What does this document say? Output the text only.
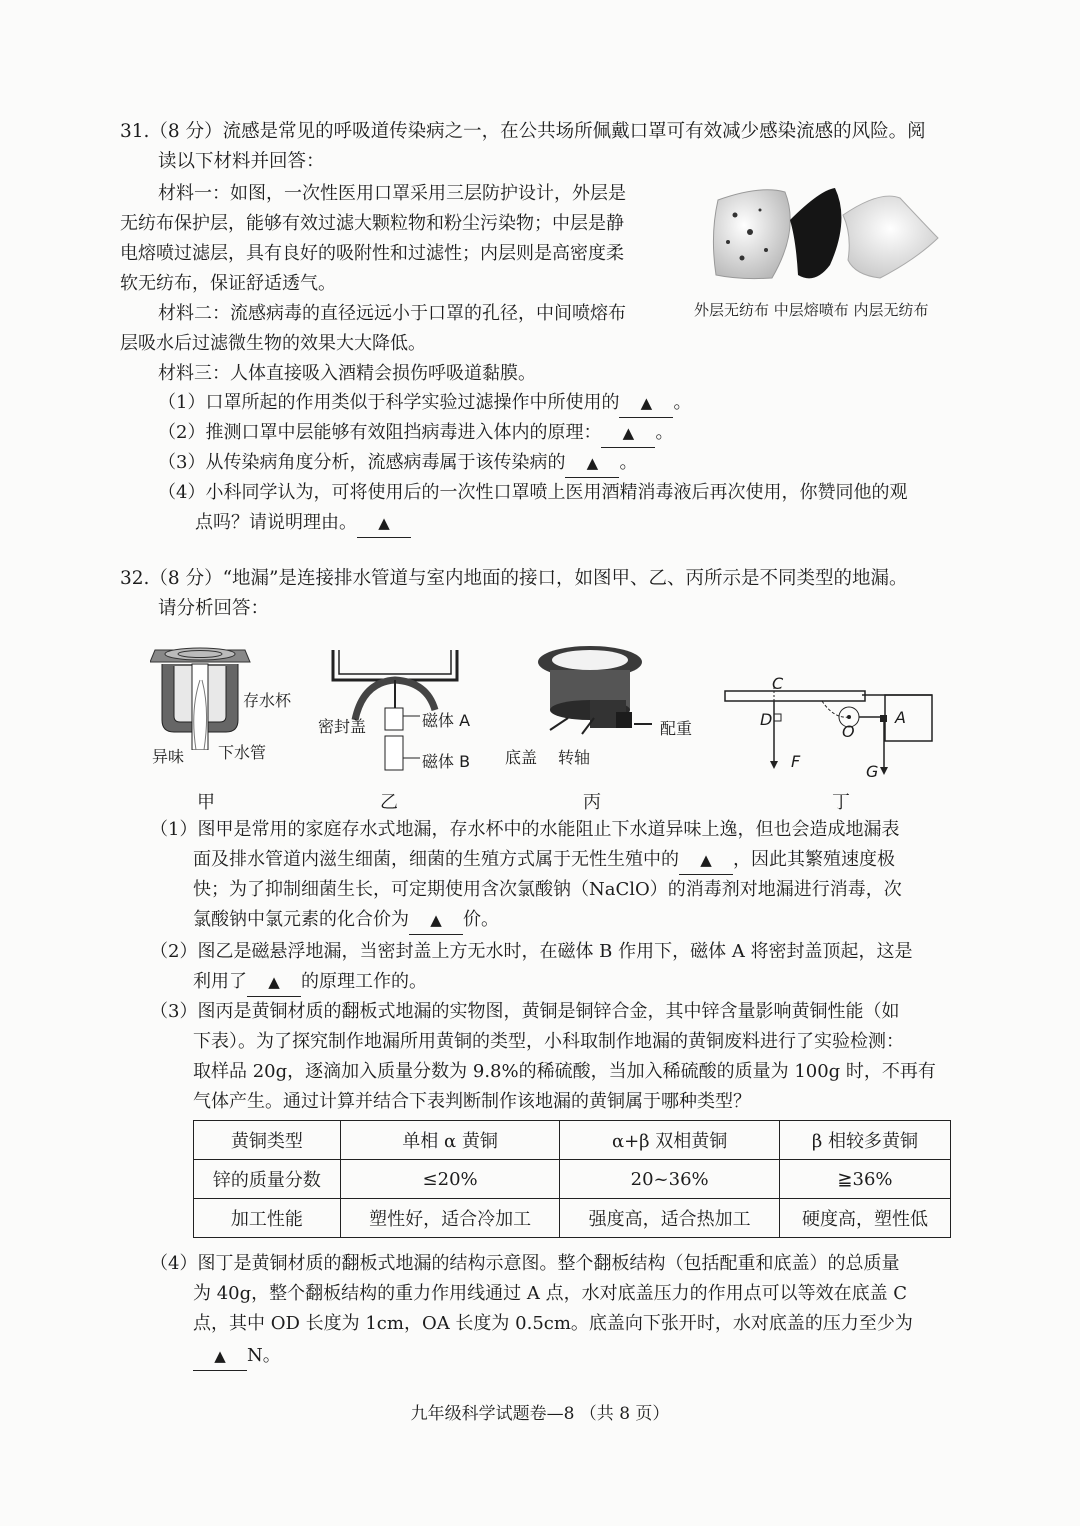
31.（8 分）流感是常见的呼吸道传染病之一，在公共场所佩戴口罩可有效减少感染流感的风险。阅
读以下材料并回答：
材料一：如图，一次性医用口罩采用三层防护设计，外层是
无纺布保护层，能够有效过滤大颗粒物和粉尘污染物；中层是静
电熔喷过滤层，具有良好的吸附性和过滤性；内层则是高密度柔
软无纺布，保证舒适透气。
材料二：流感病毒的直径远远小于口罩的孔径，中间喷熔布
层吸水后过滤微生物的效果大大降低。
材料三：人体直接吸入酒精会损伤呼吸道黏膜。
外层无纺布 中层熔喷布 内层无纺布
（1）口罩所起的作用类似于科学实验过滤操作中所使用的 ▲ 。
（2）推测口罩中层能够有效阻挡病毒进入体内的原理： ▲ 。
（3）从传染病角度分析，流感病毒属于该传染病的 ▲ 。
（4）小科同学认为，可将使用后的一次性口罩喷上医用酒精消毒液后再次使用，你赞同他的观
点吗？请说明理由。 ▲
32.（8 分）“地漏”是连接排水管道与室内地面的接口，如图甲、乙、丙所示是不同类型的地漏。
请分析回答：
存水杯
异味 下水管
甲
密封盖	磁体 A
磁体 B
乙
底盖 转轴
配重
丙
C
D
O
A
F
G
丁
（1）图甲是常用的家庭存水式地漏，存水杯中的水能阻止下水道异味上逸，但也会造成地漏表
面及排水管道内滋生细菌，细菌的生殖方式属于无性生殖中的 ▲ ，因此其繁殖速度极
快；为了抑制细菌生长，可定期使用含次氯酸钠（NaClO）的消毒剂对地漏进行消毒，次
氯酸钠中氯元素的化合价为 ▲ 价。
（2）图乙是磁悬浮地漏，当密封盖上方无水时，在磁体 B 作用下，磁体 A 将密封盖顶起，这是
利用了 ▲ 的原理工作的。
（3）图丙是黄铜材质的翻板式地漏的实物图，黄铜是铜锌合金，其中锌含量影响黄铜性能（如
下表）。为了探究制作地漏所用黄铜的类型，小科取制作地漏的黄铜废料进行了实验检测：
取样品 20g，逐滴加入质量分数为 9.8%的稀硫酸，当加入稀硫酸的质量为 100g 时，不再有
气体产生。通过计算并结合下表判断制作该地漏的黄铜属于哪种类型？
黄铜类型	单相 α 黄铜	α+β 双相黄铜	β 相较多黄铜
锌的质量分数	≤20%	20~36%	≧36%
加工性能	塑性好，适合冷加工	强度高，适合热加工	硬度高，塑性低
（4）图丁是黄铜材质的翻板式地漏的结构示意图。整个翻板结构（包括配重和底盖）的总质量
为 40g，整个翻板结构的重力作用线通过 A 点，水对底盖压力的作用点可以等效在底盖 C
点，其中 OD 长度为 1cm，OA 长度为 0.5cm。底盖向下张开时，水对底盖的压力至少为
▲ N。
九年级科学试题卷—8 （共 8 页）
